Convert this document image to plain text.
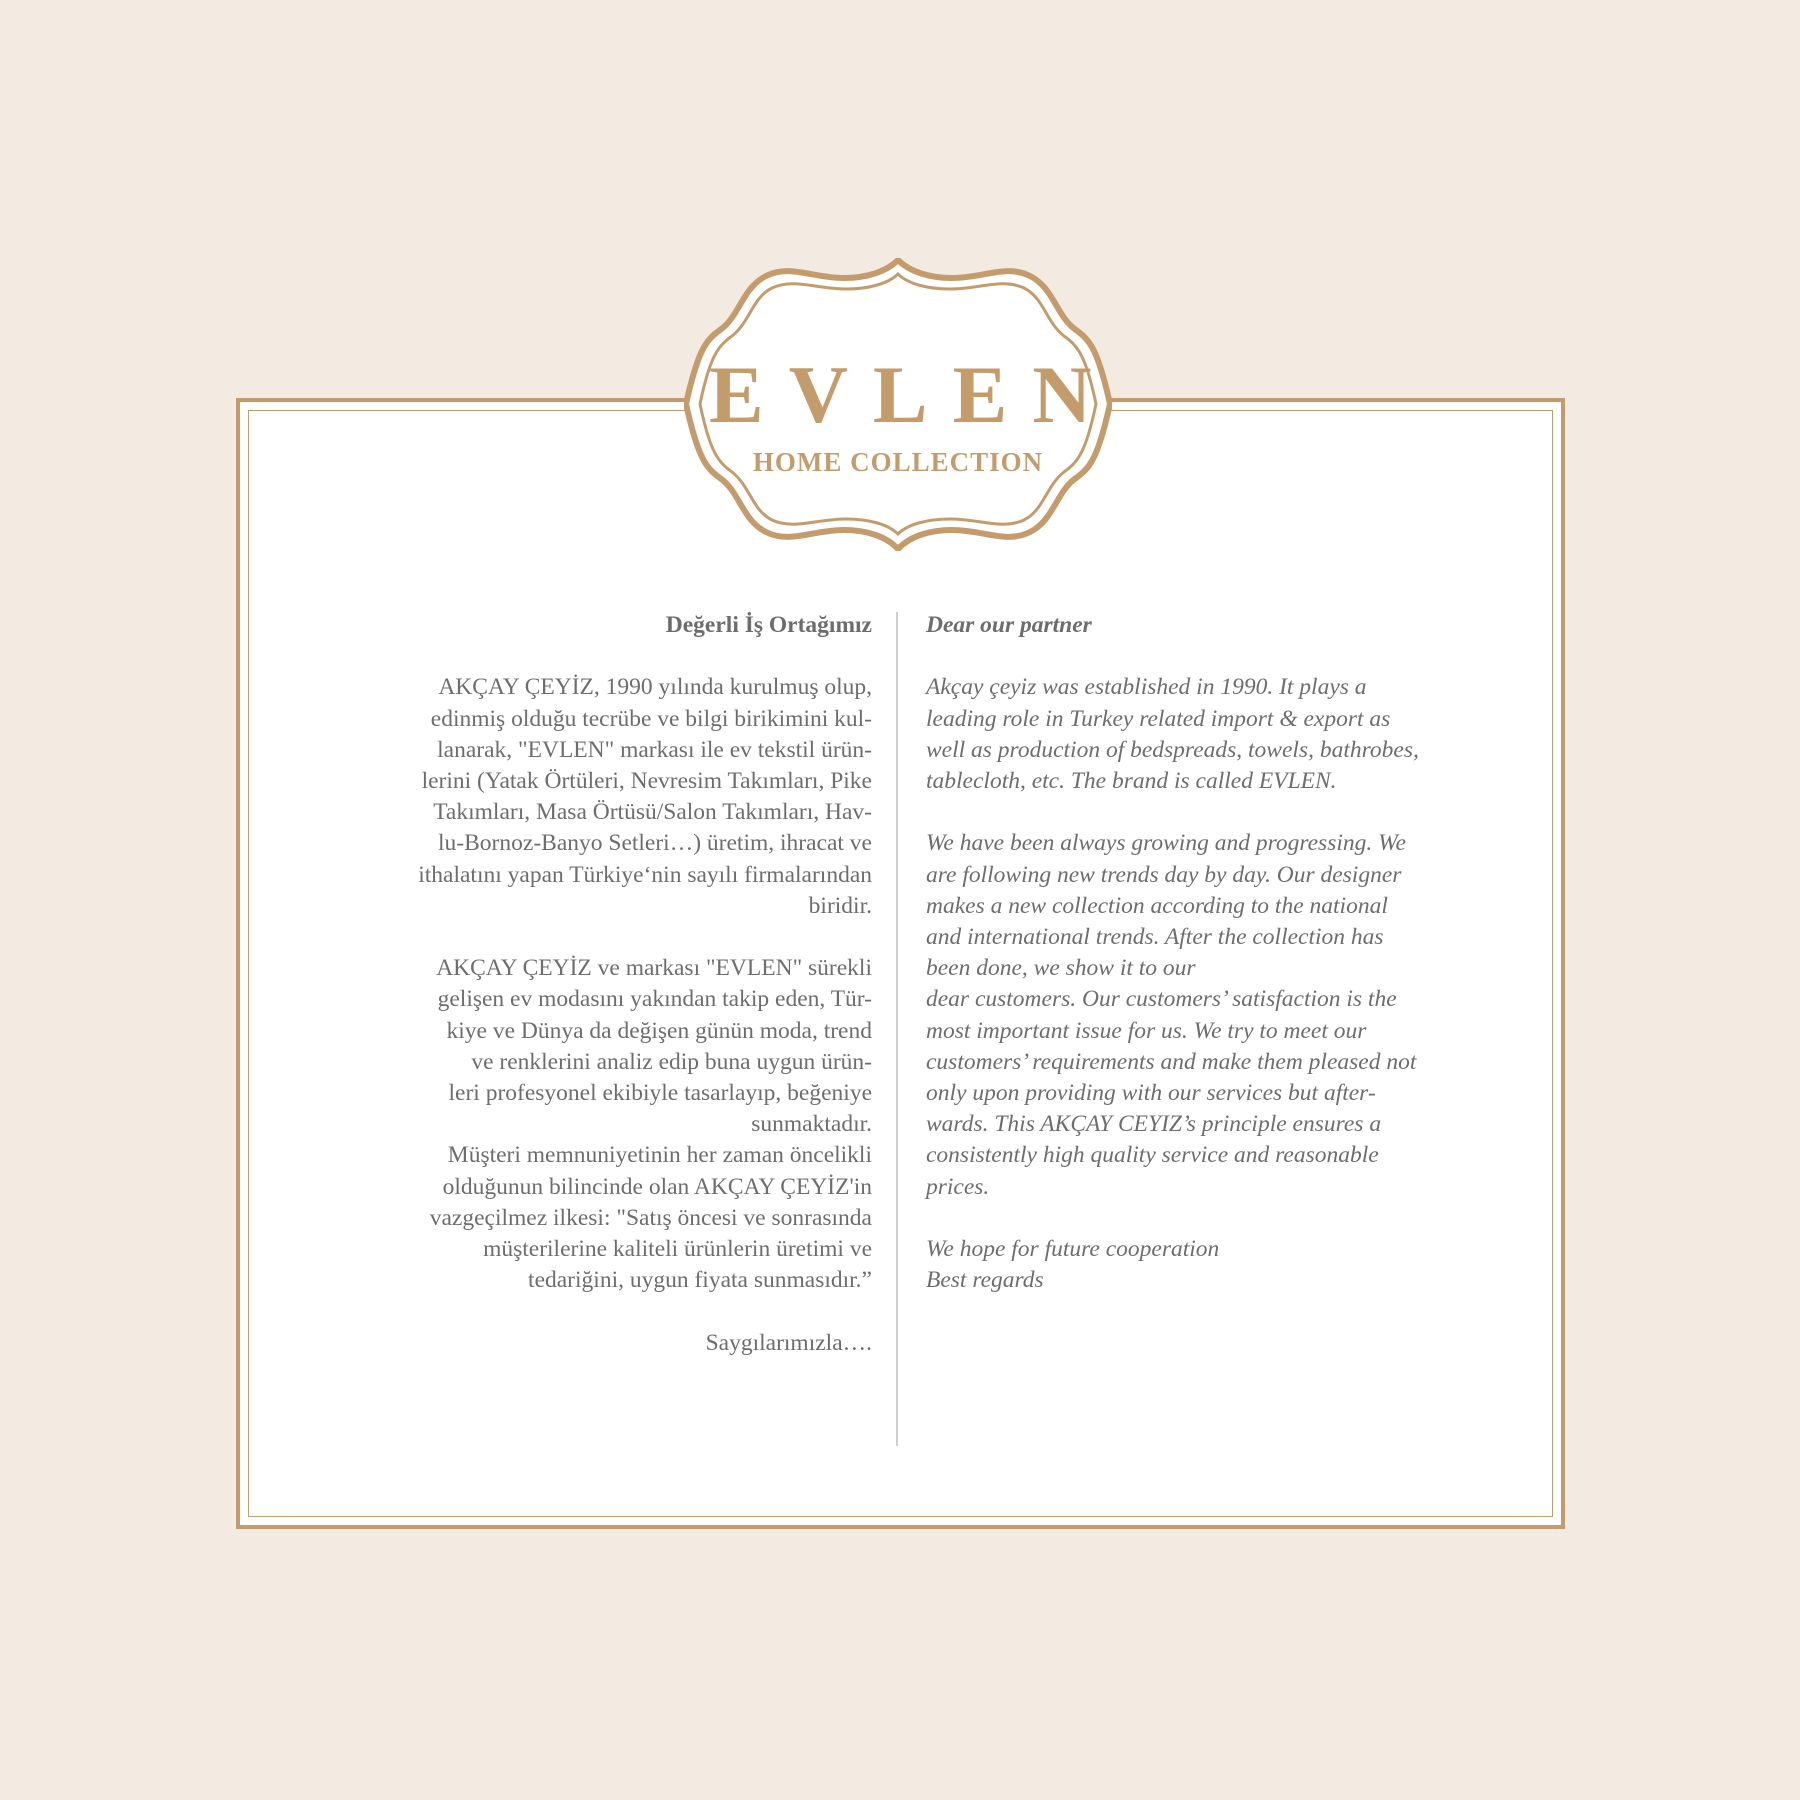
EVLEN
HOME COLLECTION

Değerli İş Ortağımız

AKÇAY ÇEYİZ, 1990 yılında kurulmuş olup,
edinmiş olduğu tecrübe ve bilgi birikimini kul-
lanarak, "EVLEN" markası ile ev tekstil ürün-
lerini (Yatak Örtüleri, Nevresim Takımları, Pike
Takımları, Masa Örtüsü/Salon Takımları, Hav-
lu-Bornoz-Banyo Setleri…) üretim, ihracat ve
ithalatını yapan Türkiye‘nin sayılı firmalarından
biridir.

AKÇAY ÇEYİZ ve markası "EVLEN" sürekli
gelişen ev modasını yakından takip eden, Tür-
kiye ve Dünya da değişen günün moda, trend
ve renklerini analiz edip buna uygun ürün-
leri profesyonel ekibiyle tasarlayıp, beğeniye
sunmaktadır.

Müşteri memnuniyetinin her zaman öncelikli
olduğunun bilincinde olan AKÇAY ÇEYİZ'in
vazgeçilmez ilkesi: "Satış öncesi ve sonrasında
müşterilerine kaliteli ürünlerin üretimi ve
tedariğini, uygun fiyata sunmasıdır.”

Saygılarımızla….

Dear our partner

Akçay çeyiz was established in 1990. It plays a
leading role in Turkey related import & export as
well as production of bedspreads, towels, bathrobes,
tablecloth, etc. The brand is called EVLEN.

We have been always growing and progressing. We
are following new trends day by day. Our designer
makes a new collection according to the national
and international trends. After the collection has
been done, we show it to our
dear customers. Our customers’ satisfaction is the
most important issue for us. We try to meet our
customers’ requirements and make them pleased not
only upon providing with our services but after-
wards. This AKÇAY CEYIZ’s principle ensures a
consistently high quality service and reasonable
prices.

We hope for future cooperation

Best regards
